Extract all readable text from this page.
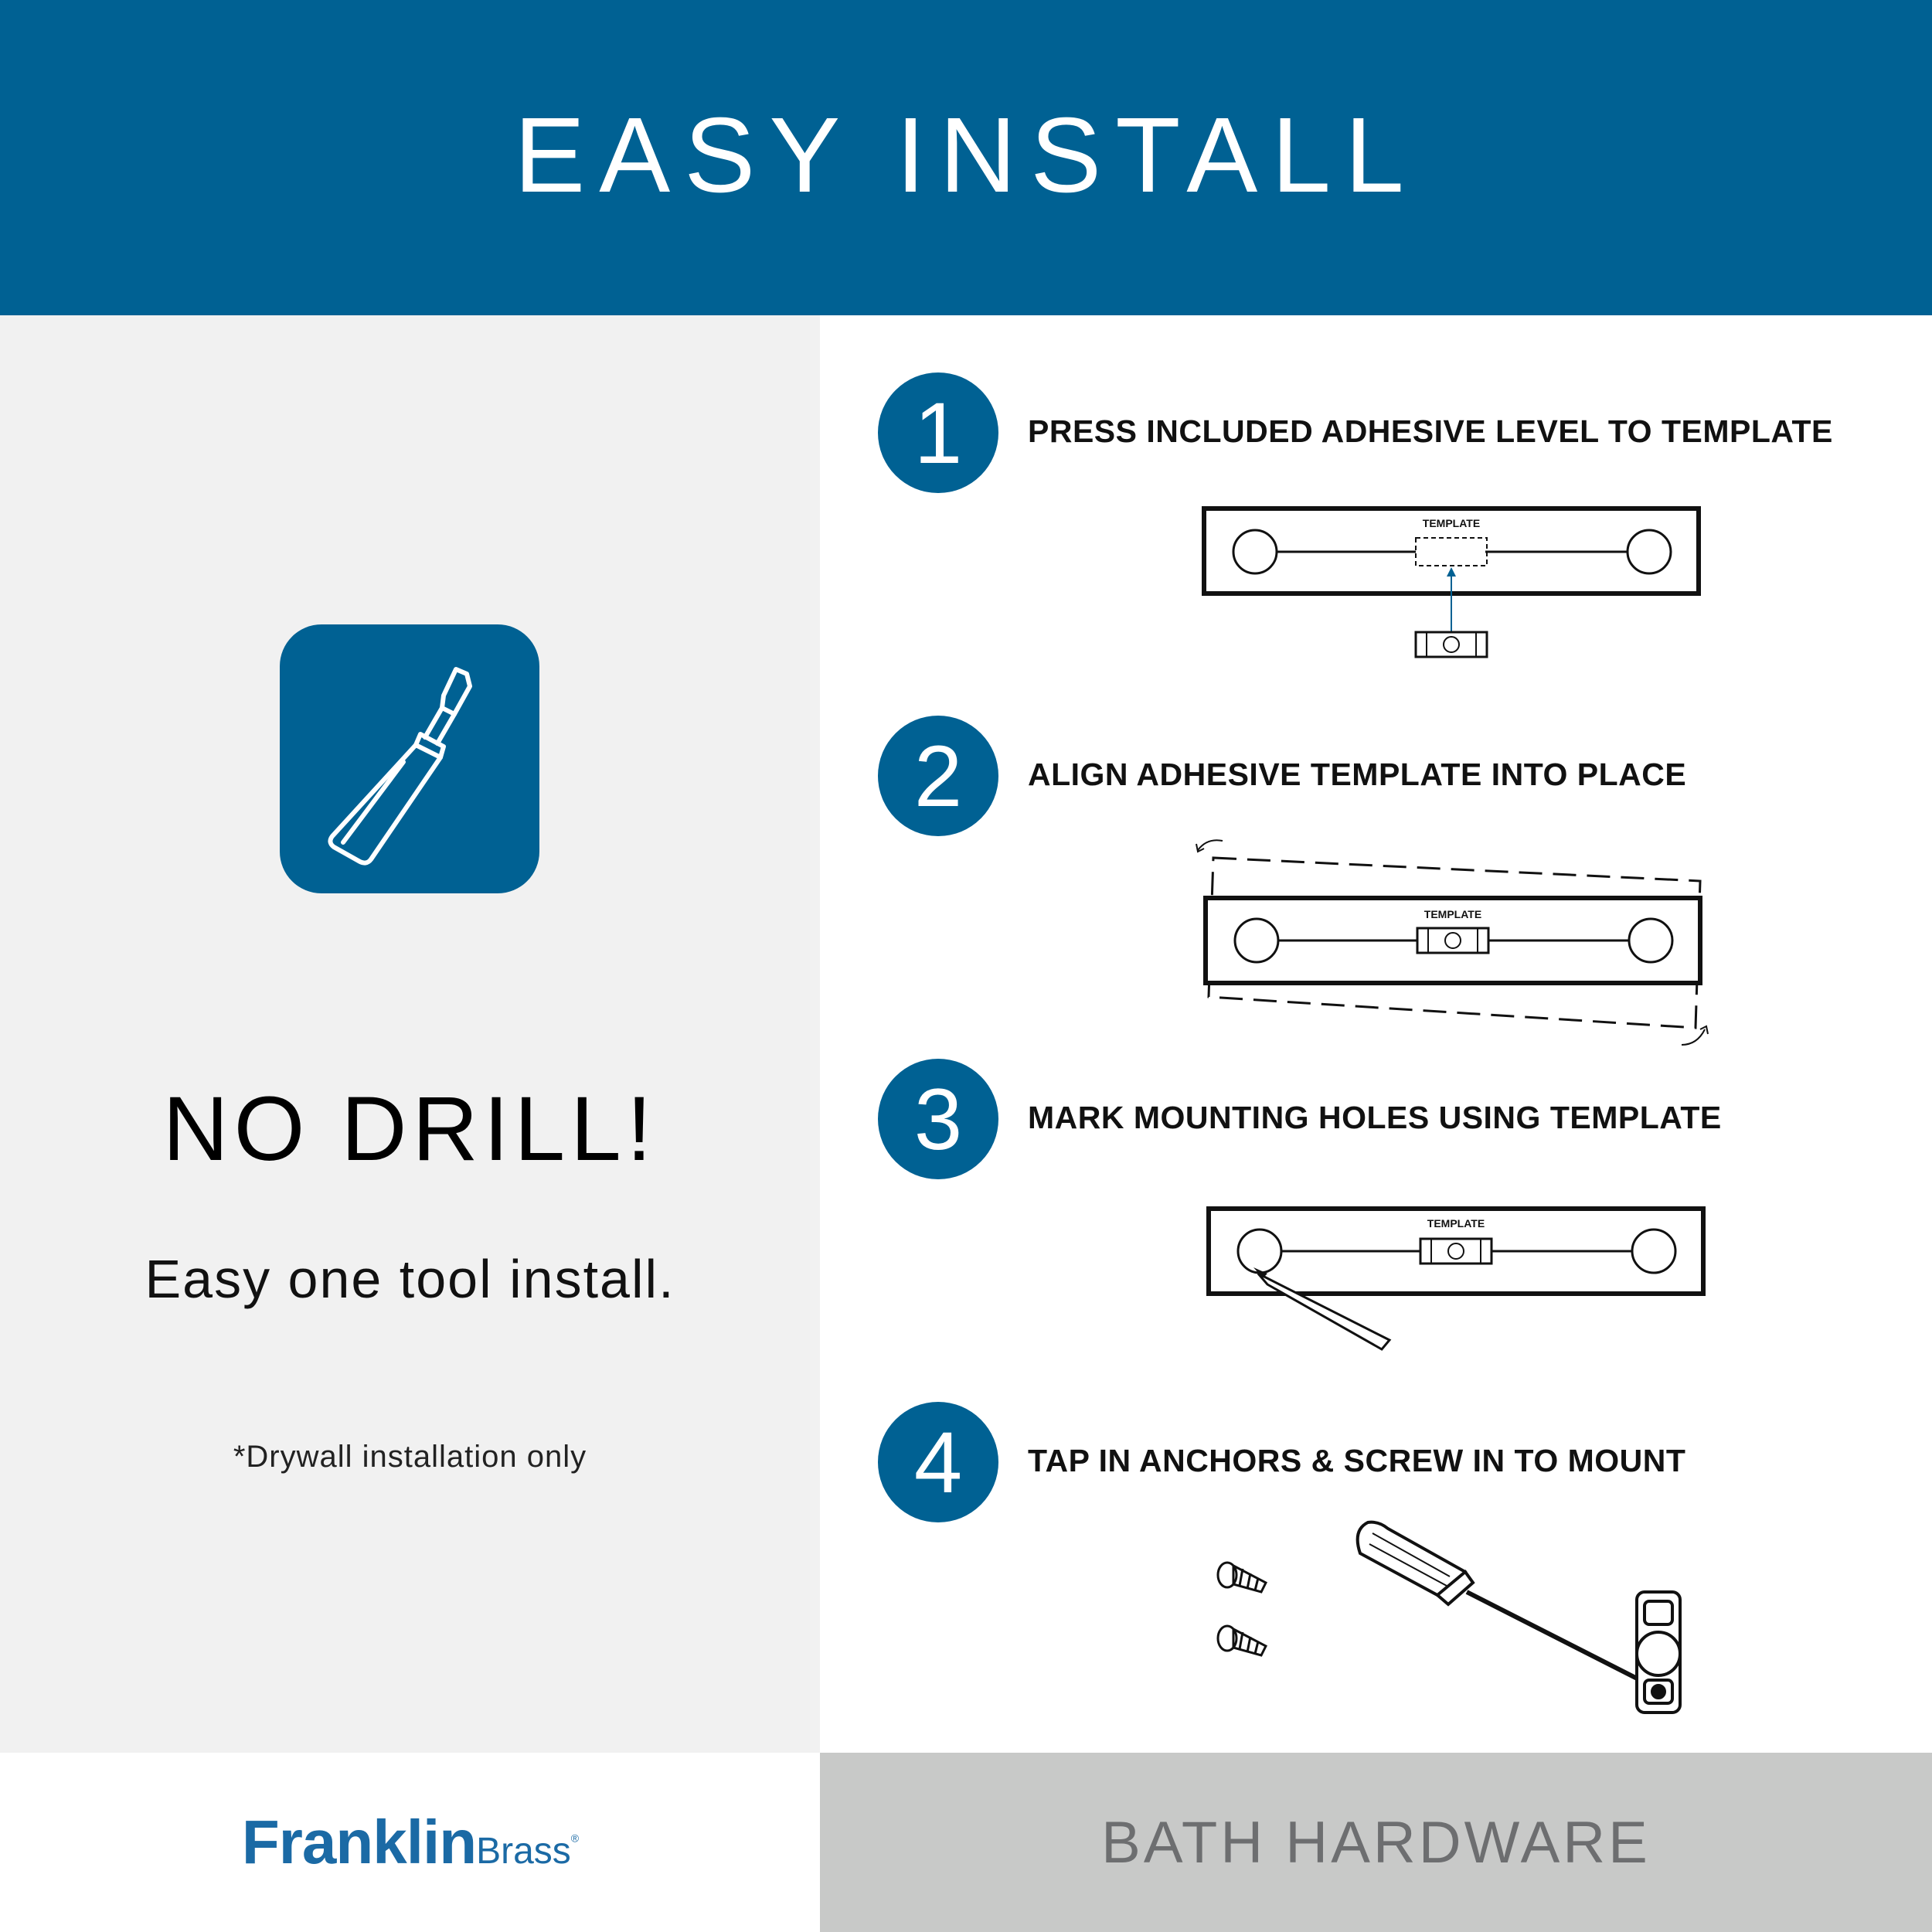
EASY INSTALL
NO DRILL!
Easy one tool install.
*Drywall installation only
1	PRESS INCLUDED ADHESIVE LEVEL TO TEMPLATE
TEMPLATE
2	ALIGN ADHESIVE TEMPLATE INTO PLACE
TEMPLATE
3	MARK MOUNTING HOLES USING TEMPLATE
TEMPLATE
4	TAP IN ANCHORS & SCREW IN TO MOUNT
FranklinBrass®	BATH HARDWARE
